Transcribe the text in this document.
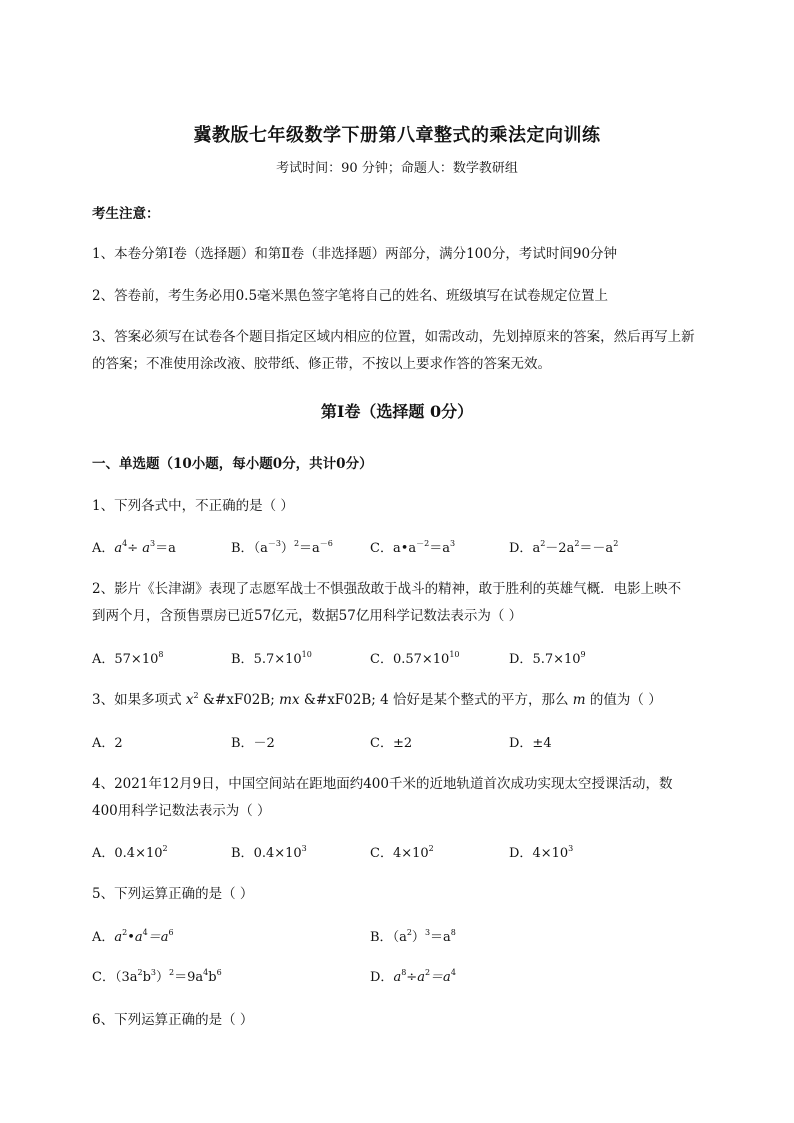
冀教版七年级数学下册第八章整式的乘法定向训练
考试时间：90 分钟；命题人：数学教研组
考生注意：
1、本卷分第I卷（选择题）和第Ⅱ卷（非选择题）两部分，满分100分，考试时间90分钟
2、答卷前，考生务必用0.5毫米黑色签字笔将自己的姓名、班级填写在试卷规定位置上
3、答案必须写在试卷各个题目指定区域内相应的位置，如需改动，先划掉原来的答案，然后再写上新
的答案；不准使用涂改液、胶带纸、修正带，不按以上要求作答的答案无效。
第I卷（选择题 0分）
一、单选题（10小题，每小题0分，共计0分）
1、下列各式中，不正确的是（ ）
A．$a^4\div a^3=a$	B．$(a^{-3})^2=a^{-6}$	C．$a•a^{-2}=a^3$	D．$a^2-2a^2=-a^2$
2、影片《长津湖》表现了志愿军战士不惧强敌敢于战斗的精神，敢于胜利的英雄气概．电影上映不
到两个月，含预售票房已近57亿元，数据57亿用科学记数法表示为（ ）
A．$57\times 10^8$	B．$5.7\times 10^{10}$	C．$0.57\times 10^{10}$	D．$5.7\times 10^9$
3、如果多项式 $x^2$ &#xF02B; mx &#xF02B; 4 恰好是某个整式的平方，那么 m 的值为（ ）
A．2	B．－2	C．±2	D．±4
4、2021年12月9日，中国空间站在距地面约400千米的近地轨道首次成功实现太空授课活动，数
400用科学记数法表示为（ ）
A．$0.4\times 10^2$	B．$0.4\times 10^3$	C．$4\times 10^2$	D．$4\times 10^3$
5、下列运算正确的是（ ）
A．$a^2•a^4=a^6$	B．$(a^2)^3=a^8$
C．$(3a^2b^3)^2=9a^4b^6$	D．$a^8\div a^2=a^4$
6、下列运算正确的是（ ）
